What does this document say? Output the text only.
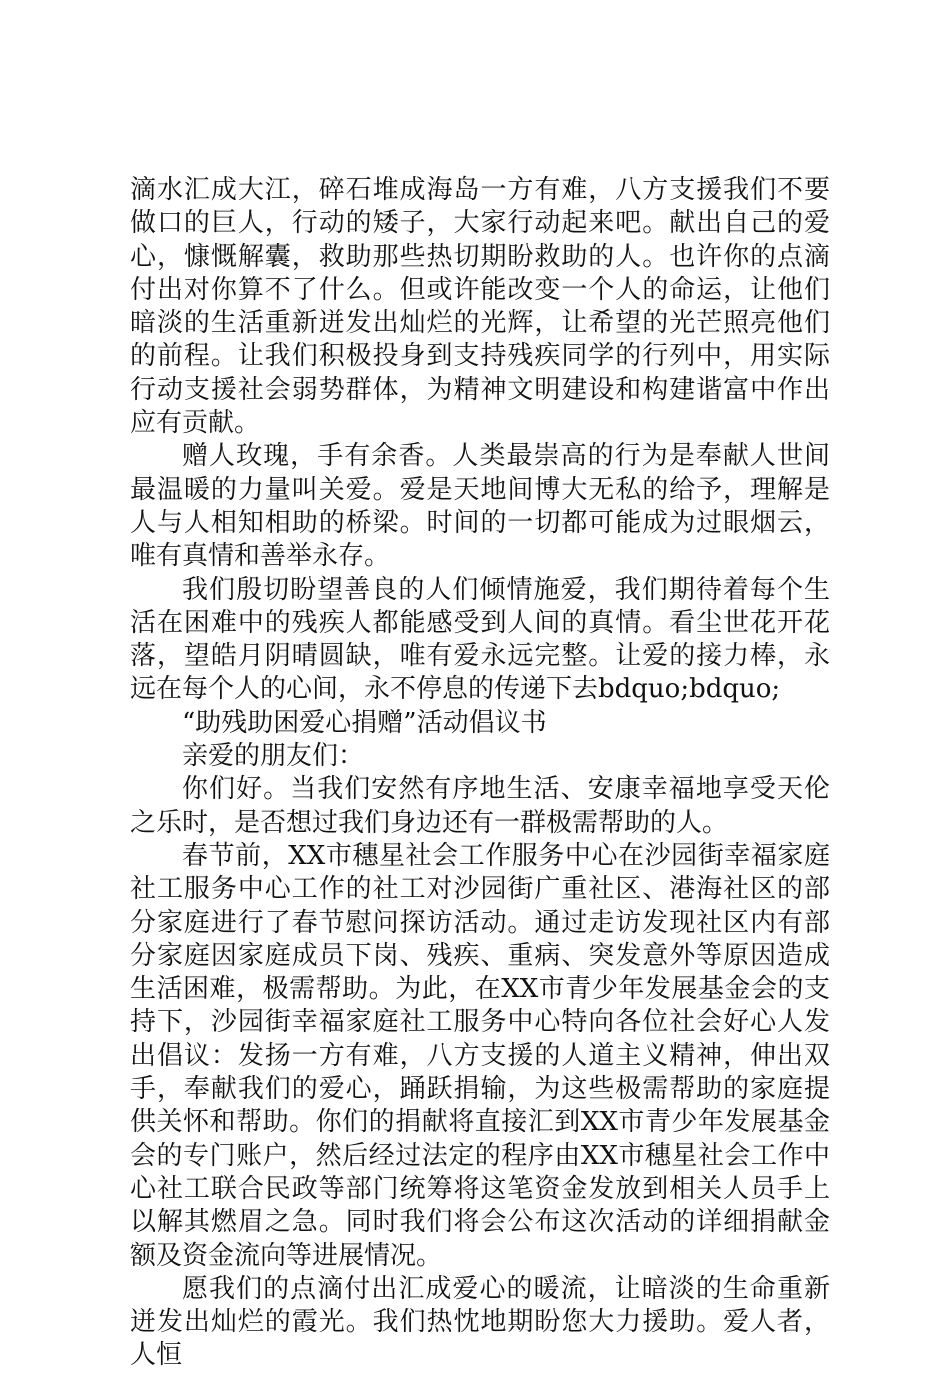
滴水汇成大江，碎石堆成海岛一方有难，八方支援我们不要做口的巨人，行动的矮子，大家行动起来吧。献出自己的爱心，慷慨解囊，救助那些热切期盼救助的人。也许你的点滴付出对你算不了什么。但或许能改变一个人的命运，让他们暗淡的生活重新迸发出灿烂的光辉，让希望的光芒照亮他们的前程。让我们积极投身到支持残疾同学的行列中，用实际行动支援社会弱势群体，为精神文明建设和构建谐富中作出应有贡献。

赠人玫瑰，手有余香。人类最崇高的行为是奉献人世间最温暖的力量叫关爱。爱是天地间博大无私的给予，理解是人与人相知相助的桥梁。时间的一切都可能成为过眼烟云，唯有真情和善举永存。

我们殷切盼望善良的人们倾情施爱，我们期待着每个生活在困难中的残疾人都能感受到人间的真情。看尘世花开花落，望皓月阴晴圆缺，唯有爱永远完整。让爱的接力棒，永远在每个人的心间，永不停息的传递下去bdquo;bdquo;

“助残助困爱心捐赠”活动倡议书

亲爱的朋友们：

你们好。当我们安然有序地生活、安康幸福地享受天伦之乐时，是否想过我们身边还有一群极需帮助的人。

春节前，XX市穗星社会工作服务中心在沙园街幸福家庭社工服务中心工作的社工对沙园街广重社区、港海社区的部分家庭进行了春节慰问探访活动。通过走访发现社区内有部分家庭因家庭成员下岗、残疾、重病、突发意外等原因造成生活困难，极需帮助。为此，在XX市青少年发展基金会的支持下，沙园街幸福家庭社工服务中心特向各位社会好心人发出倡议：发扬一方有难，八方支援的人道主义精神，伸出双手，奉献我们的爱心，踊跃捐输，为这些极需帮助的家庭提供关怀和帮助。你们的捐献将直接汇到XX市青少年发展基金会的专门账户，然后经过法定的程序由XX市穗星社会工作中心社工联合民政等部门统筹将这笔资金发放到相关人员手上以解其燃眉之急。同时我们将会公布这次活动的详细捐献金额及资金流向等进展情况。

愿我们的点滴付出汇成爱心的暖流，让暗淡的生命重新迸发出灿烂的霞光。我们热忱地期盼您大力援助。爱人者，人恒
